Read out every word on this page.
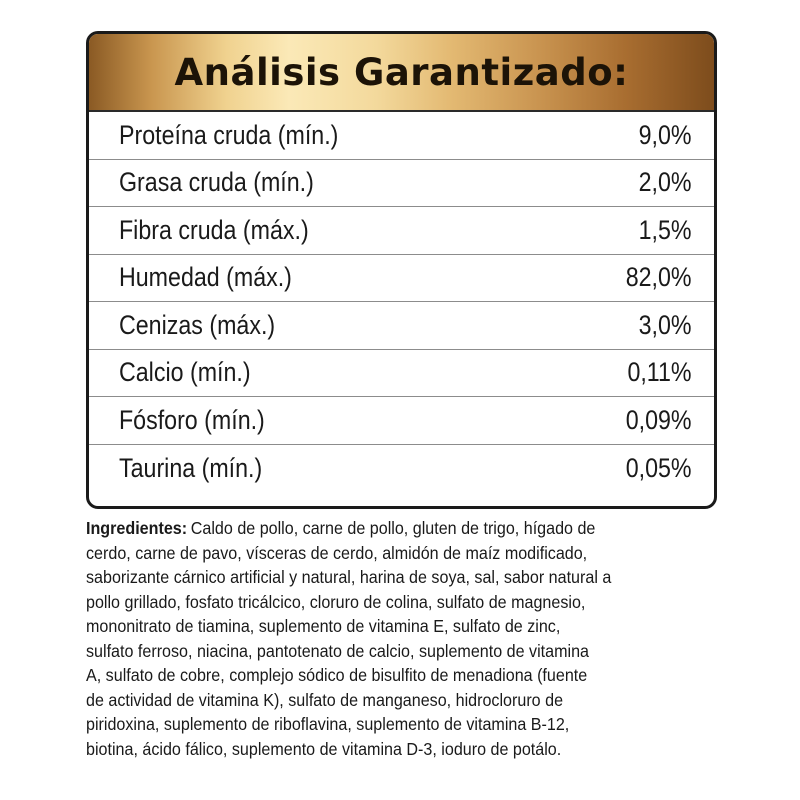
Análisis Garantizado:
Proteína cruda (mín.)	9,0%
Grasa cruda (mín.)	2,0%
Fibra cruda (máx.)	1,5%
Humedad (máx.)	82,0%
Cenizas (máx.)	3,0%
Calcio (mín.)	0,11%
Fósforo (mín.)	0,09%
Taurina (mín.)	0,05%
Ingredientes: Caldo de pollo, carne de pollo, gluten de trigo, hígado de
cerdo, carne de pavo, vísceras de cerdo, almidón de maíz modificado,
saborizante cárnico artificial y natural, harina de soya, sal, sabor natural a
pollo grillado, fosfato tricálcico, cloruro de colina, sulfato de magnesio,
mononitrato de tiamina, suplemento de vitamina E, sulfato de zinc,
sulfato ferroso, niacina, pantotenato de calcio, suplemento de vitamina
A, sulfato de cobre, complejo sódico de bisulfito de menadiona (fuente
de actividad de vitamina K), sulfato de manganeso, hidrocloruro de
piridoxina, suplemento de riboflavina, suplemento de vitamina B-12,
biotina, ácido fálico, suplemento de vitamina D-3, ioduro de potálo.
